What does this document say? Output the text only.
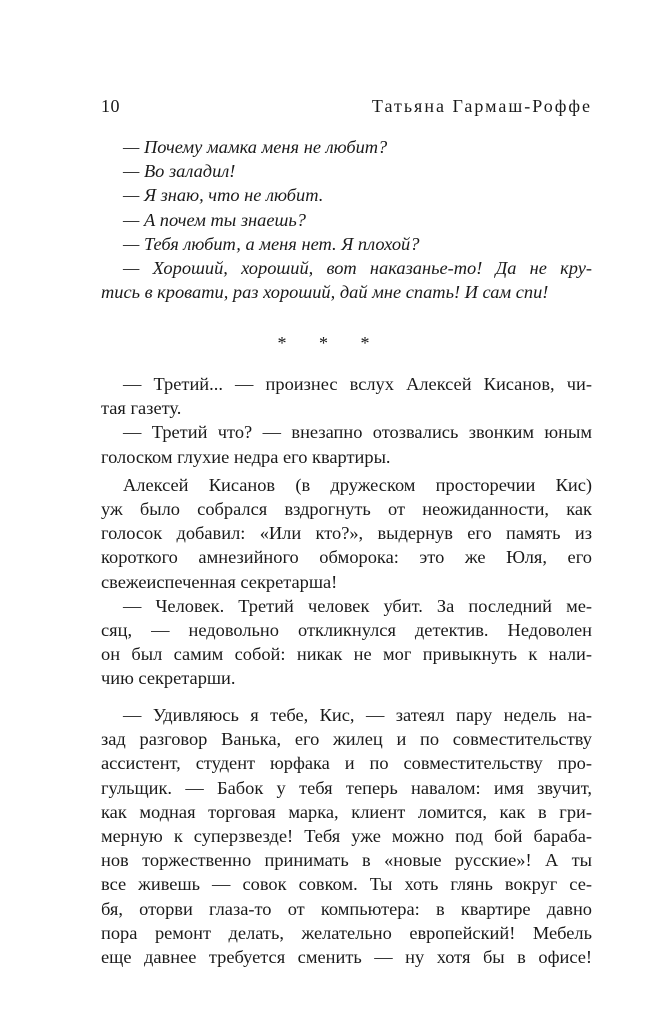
10	Татьяна Гармаш-Роффе
— Почему мамка меня не любит?
— Во заладил!
— Я знаю, что не любит.
— А почем ты знаешь?
— Тебя любит, а меня нет. Я плохой?
— Хороший, хороший, вот наказанье-то! Да не кру-
тись в кровати, раз хороший, дай мне спать! И сам спи!
* * *
— Третий... — произнес вслух Алексей Кисанов, чи-
тая газету.
— Третий что? — внезапно отозвались звонким юным
голоском глухие недра его квартиры.
Алексей Кисанов (в дружеском просторечии Кис)
уж было собрался вздрогнуть от неожиданности, как
голосок добавил: «Или кто?», выдернув его память из
короткого амнезийного обморока: это же Юля, его
свежеиспеченная секретарша!
— Человек. Третий человек убит. За последний ме-
сяц, — недовольно откликнулся детектив. Недоволен
он был самим собой: никак не мог привыкнуть к нали-
чию секретарши.
— Удивляюсь я тебе, Кис, — затеял пару недель на-
зад разговор Ванька, его жилец и по совместительству
ассистент, студент юрфака и по совместительству про-
гульщик. — Бабок у тебя теперь навалом: имя звучит,
как модная торговая марка, клиент ломится, как в гри-
мерную к суперзвезде! Тебя уже можно под бой бараба-
нов торжественно принимать в «новые русские»! А ты
все живешь — совок совком. Ты хоть глянь вокруг се-
бя, оторви глаза-то от компьютера: в квартире давно
пора ремонт делать, желательно европейский! Мебель
еще давнее требуется сменить — ну хотя бы в офисе!
